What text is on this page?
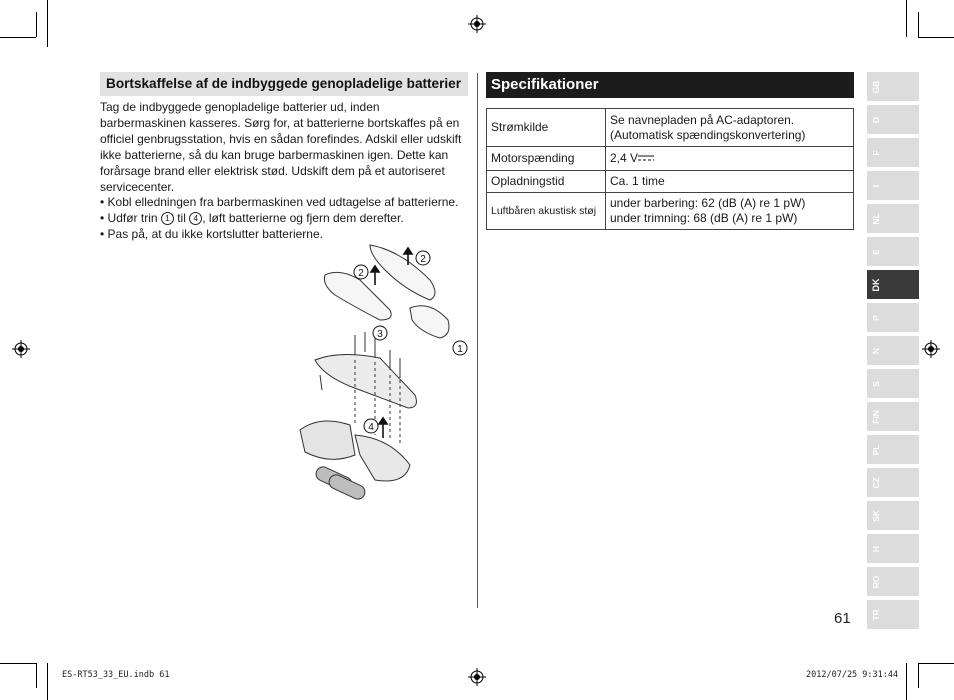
Bortskaffelse af de indbyggede genopladelige batterier
Tag de indbyggede genopladelige batterier ud, inden barbermaskinen kasseres. Sørg for, at batterierne bortskaffes på en officiel genbrugsstation, hvis en sådan forefindes. Adskil eller udskift ikke batterierne, så du kan bruge barbermaskinen igen. Dette kan forårsage brand eller elektrisk stød. Udskift dem på et autoriseret servicecenter.
• Kobl elledningen fra barbermaskinen ved udtagelse af batterierne.
• Udfør trin 1 til 4 , løft batterierne og fjern dem derefter.
• Pas på, at du ikke kortslutter batterierne.
2
2
3
1
4
Specifikationer
Strømkilde	Se navnepladen på AC-adaptoren.
(Automatisk spændingskonvertering)

Motorspænding	2,4 V
Opladningstid	Ca. 1 time
Luftbåren akustisk støj	under barbering: 62 (dB (A) re 1 pW)
under trimning: 68 (dB (A) re 1 pW)
GB
D
F
I
NL
E
DK
P
N
S
FIN
PL
CZ
SK
H
RO
TR
61
ES-RT53_33_EU.indb 61	2012/07/25 9:31:44
